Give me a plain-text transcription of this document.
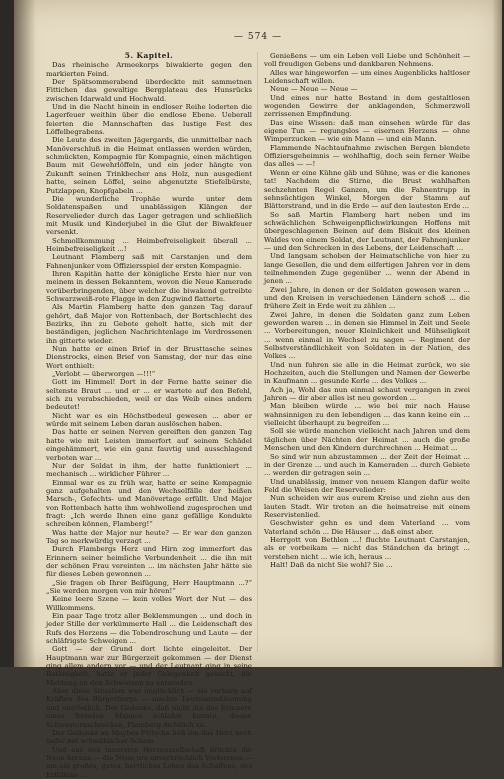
— 574 —
5. Kapitel.

Das rheinische Armeekorps biwakierte gegen den markierten Feind.

Der Spätsommerabend überdeckte mit sammetnen Fittichen das gewaltige Bergplateau des Hunsrücks zwischen Idarwald und Hochwald.

Und in die Nacht hinein in endloser Reihe loderten die Lagerfeuer weithin über die endlose Ebene. Ueberall feierten die Mannschaften das lustige Fest des Löffelbegrabens.

Die Leute des zweiten Jägergards, die unmittelbar nach Manöverschluß in die Heimat entlassen werden würden, schmückten, Kompagnie für Kompagnie, einen mächtigen Baum mit Gewehrlöffeln, und ein jeder hängte von Zukunft seinen Trinkbecher ans Holz, nun ausgedient hatte, seinen Löffel, seine abgenutzte Stiefelbürste, Putzlappen, Knopfgabeln ...

Die wunderliche Trophäe wurde unter dem Soldatenspaßen und unablässigen Klängen der Reservelieder durch das Lager getragen und schließlich mit Musik und Kinderjubel in die Glut der Biwakfeuer versenkt.

Schmollkommung ... Heimbefreiseligkeit überall ... Heimbefreiseligkeit ...!

Leutnant Flamberg saß mit Carstanjen und dem Fahnenjunker vom Offiziersspiel der ersten Kompagnie.

Ihren Kapitän hatte der königliche Erste hier nur von meinem in dessen Bekanntem, wovon die Neue Kamerade vorüberbringenden, über welcher die biwakend getreibte Schwarzweiß-rote Flagge in den Zugwind flatterte.

Als Martin Flamberg hatte den ganzen Tag darauf gehört, daß Major von Rottenbach, der Bortschlecht des Bezirks, ihn zu Gebote geholt hatte, sich mit der beständigen, jeglichen Nachrichtenlage im Verdrossenen ihn gitterte wieder.

Nun hatte er einen Brief in der Brusttasche seines Dienstrocks, einen Brief von Samstag, der nur das eine Wort enthielt:

„Verlobt — überworgen —!!!“

Gott im Himmel! Dort in der Ferne hatte seiner die seltenste Braut ... und er ... er wartete auf den Befehl, sich zu verabschieden, weil er das Weib eines andern bedeutet!

Nicht war es ein Höchstbedeul gewesen ... aber er würde mit seinem Leben daran auslöschen haben.

Das hatte er seinen Nerven gereiften den ganzen Tag hatte wie mit Leisten immerfort auf seinem Schädel eingehämmert, wie ein ganz fauvtig und ausschlagend verboten war ...

Nur der Soldat in ihm, der hatte funktioniert ... mechanisch ... wirklicher Führer ...

Einmal war es zu früh war, hatte er seine Kompagnie ganz aufgehalten und den Wechselfälle der heißen Marsch-, Gefechts- und Manövertage erfüllt. Und Major von Rottenbach hatte ihm wohlwollend zugesprochen und fragt: „Ich werde Ihnen eine ganz gefällige Kondukte schreiben können, Flamberg!“

Was hatte der Major nur heute? — Er war den ganzen Tag so merkwürdig verzagt ...

Durch Flambergs Herz und Hirn zog immerfort das Erinnern seiner heimliche Verbundenheit ... die ihn mit der schönen Frau vereinten ... im nächsten Jahr hätte sie für dieses Leben gewonnen ...

„Sie fragen ob Ihrer Beifügung, Herr Hauptmann ...?“ „Sie werden morgen von mir hören!“

Keine leere Szene — kein volles Wort der Nut — des Willkommens.

Ein paar Tage trotz aller Beklemmungen ... und doch in jeder Stille der verkümmerte Hall ... die Leidenschaft des Rufs des Herzens — die Tobendroschung und Laute — der schläfrigste Schweigen ...

Gott — der Grund dort lichte eingeleitet. Der Hauptmann war zur Bürgerzeit gekommen — der Dienst ging allem andern vor — und der Leutnant ging in seine Ratlosigkeit, hatte er jeder Gelegenheit gesucht, die Meldung an den Schwarzen zu entsenden.

Aber diese Situation war unglücklich — sie verbarg auf Kräften des Bürgerbergs — machte Leutnantsstimmung und untröstlich. Der Gedanke, daß nicht ihn das Erinnern eines fremden Mannes schlafen konnte, diesen Schwesternschrecken, Flamberg dichtlich zu.

Der Gedanke an Maybes Fritsche ließ ihn das Herz noch tiefer mit schmählicher Scham.

Und aus den innersten Herzenszellschaft drückte die Neue heraus — die Neue um unverbrechlich Verlorenes — um ein großes, gutes, herrliches Leben das Schaffens, des Erfüllens ...

Genießens — um ein Leben voll Liebe und Schönheit — voll freudigen Gebens und dankbaren Nehmens.

Alles war hingeworfen — um eines Augenblicks haltloser Leidenschaft willen.

Neue — Neue — Neue —

Und eines nur hatte Bestand in dem gestaltlosen wogenden Gewirre der anklagenden, Schmerzwoll zerrissenen Empfindung.

Das eine Wissen: daß man einsehen würde für das eigene Tun — regungslos — eisernen Herzens — ohne Wimperzucken — wie ein Mann — und ein Mann.

Flammende Nachtaufnahme zwischen Bergen blendete Offiziersgeheimnis — wohlhaftig, doch sein ferner Weibe das alles — —!

Wenn er eine Kühne gäb und Sühne, was er die kanones tat! Nachdem die Stirne, die Brust wahlhaften sechzehnten Regel Ganzen, um die Fahnentrupp in sehnsüchtigen Winkel, Morgen der Stamm auf Blätterstrand, und in die Erde — auf den lautesten Erde ...

So saß Martin Flamberg hart neben und im schwächlichen Schweigenpflichwirkungen Hoffens mit übergeschlagenen Beinen auf dem Biskuit des kleinen Waldes von einem Soldat, der Leutnant, der Fahnenjunker — und den Schrecken in des Lebens, der Leidenschaft ...

Und langsam schoben der Heimatschliche von hier zu lange Gesellen, die und dem eilfertigen Jahren vor in dem teilnehmenden Zuge gegenüber ... wenn der Abend in jenen ...

Zwei Jahre, in denen er der Soldaten gewesen waren ... und den Kreisen in verschiedenen Ländern schoß ... die frühere Zeit in Erde weit zu zählen ...

Zwei Jahre, in denen die Soldaten ganz zum Leben geworden waren ... in denen sie Himmel in Zeit und Seele ... Vorbereitungen, neuer Kleinlichkeit und Mühseligkeit ... wenn einmal in Wechsel zu sagen — Regiment der Selbstverständlichkeit von Soldaten in der Nation, des Volkes ...

Und nun fuhren sie alle in die Heimat zurück, wo sie Hochzeiten, auch die Stellungen und Namen der Gewerbe in Kaufmann ... gesunde Kerle ... des Volkes ...

Ach ja, Wohl das nun einmal schaut vergangen in zwei Jahren — dir aber alles ist neu geworden ...

Man bleiben würde ... wie bei mir nach Hause wahnsinnigen zu den lebendigen ... das kann keine ein ... vielleicht überhaupt zu begreifen ...

Soll sie würde manchen vielleicht nach Jahren und dem täglichen über Nächten der Heimat ... auch die große Menschen und den Kindern durchrechnen ... Heimat ...

So sind wir nun abzustammen ... der Zeit der Heimat ... in der Grenze ... und auch in Kameraden ... durch Gebiete ... werden dir getragen sein ...

Und unablässig, immer von neuem Klangen dafür weite Feld die Weisen der Reservelieder:

Nun scheiden wir aus eurem Kreise und ziehn aus den lauten Stadt. Wir treten an die heimatreise mit einem Reservistenlied.

Geschwister gehn es und dem Vaterland ... vom Vaterland schön ... Die Häuser ... daß einst aber.

Herrgott von Bethlen ...! fluchte Leutnant Carstanjen, als er vorbeikam — nicht das Ständchen da bringt ... verstehen nicht ... wie ich, heraus ...

Halt! Daß da nicht Sie wohl? Sie ...
